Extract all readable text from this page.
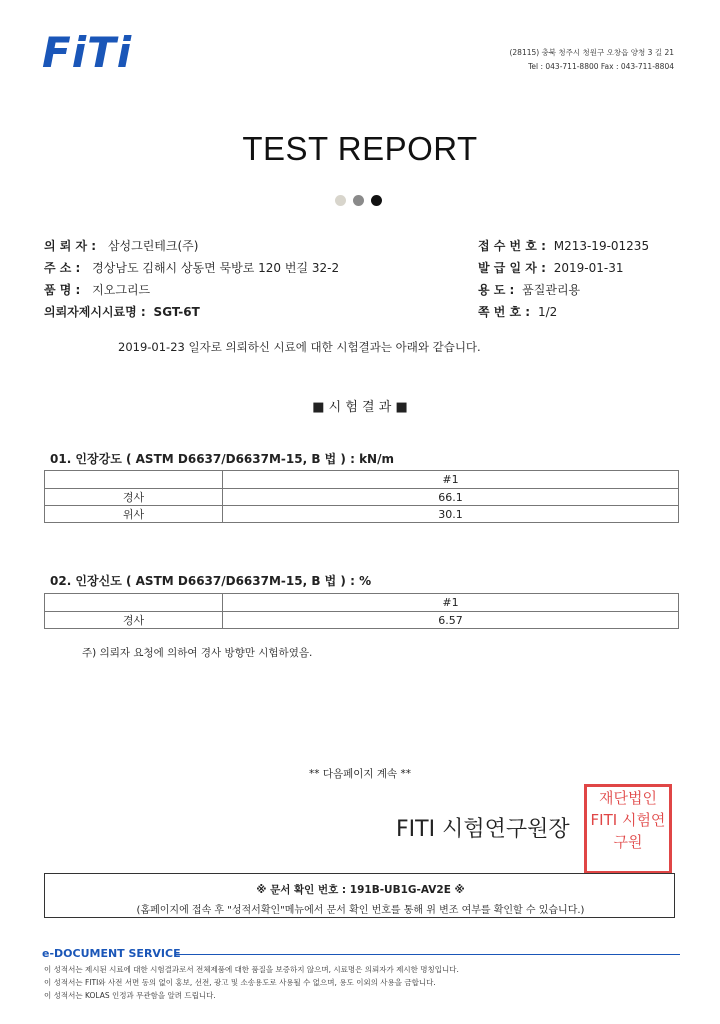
FiTi	(28115) 충북 청주시 청원구 오창읍 양청 3 길 21
Tel : 043-711-8800 Fax : 043-711-8804
TEST REPORT
의 뢰 자 : 삼성그린테크(주)
주 소 : 경상남도 김해시 상동면 묵방로 120 번길 32-2
품 명 : 지오그리드
의뢰자제시시료명 : SGT-6T
접 수 번 호 : M213-19-01235
발 급 일 자 : 2019-01-31
용 도 : 품질관리용
쪽 번 호 : 1/2
2019-01-23 일자로 의뢰하신 시료에 대한 시험결과는 아래와 같습니다.
■ 시 험 결 과 ■
01. 인장강도 ( ASTM D6637/D6637M-15, B 법 ) : kN/m
	#1
경사	66.1
위사	30.1
02. 인장신도 ( ASTM D6637/D6637M-15, B 법 ) : %
	#1
경사	6.57
주) 의뢰자 요청에 의하여 경사 방향만 시험하였음.
** 다음페이지 계속 **
재단법인 FITI 시험연구원
FITI 시험연구원장
※ 문서 확인 번호 : 191B-UB1G-AV2E ※
(홈페이지에 접속 후 "성적서확인"메뉴에서 문서 확인 번호를 통해 위 변조 여부를 확인할 수 있습니다.)
e-DOCUMENT SERVICE
이 성적서는 제시된 시료에 대한 시험결과로서 전체제품에 대한 품질을 보증하지 않으며, 시료명은 의뢰자가 제시한 명칭입니다.
이 성적서는 FITI와 사전 서면 동의 없이 홍보, 선전, 광고 및 소송용도로 사용될 수 없으며, 용도 이외의 사용을 금합니다.
이 성적서는 KOLAS 인정과 무관함을 알려 드립니다.
